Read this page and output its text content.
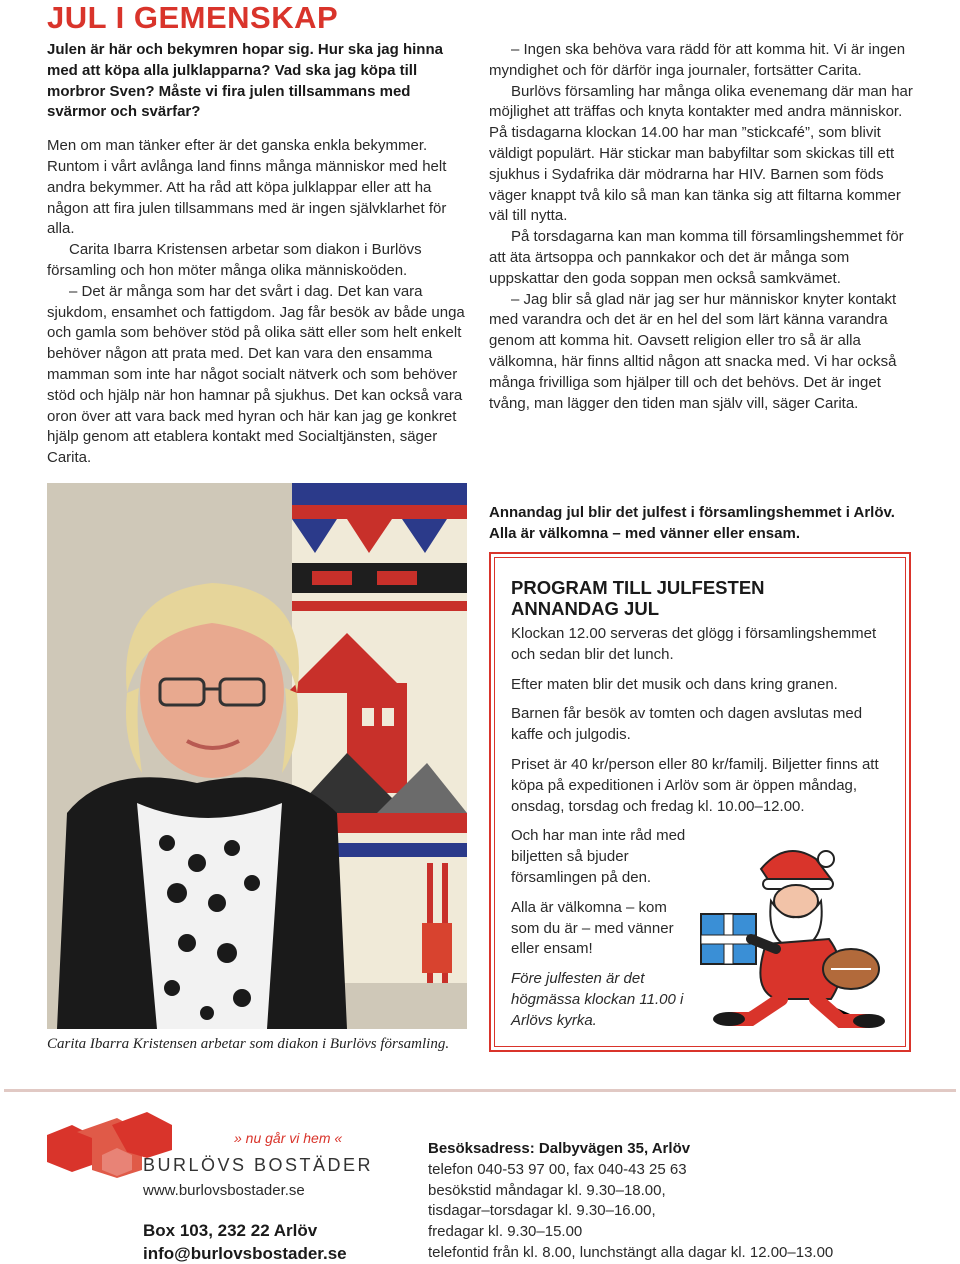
JUL I GEMENSKAP

Julen är här och bekymren hopar sig. Hur ska jag hinna med att köpa alla julklapparna? Vad ska jag köpa till morbror Sven? Måste vi fira julen tillsammans med svärmor och svärfar?

Men om man tänker efter är det ganska enkla bekymmer. Runtom i vårt avlånga land finns många människor med helt andra bekymmer. Att ha råd att köpa julklappar eller att ha någon att fira julen tillsammans med är ingen självklarhet för alla.

Carita Ibarra Kristensen arbetar som diakon i Burlövs församling och hon möter många olika människoöden.

– Det är många som har det svårt i dag. Det kan vara sjukdom, ensamhet och fattigdom. Jag får besök av både unga och gamla som behöver stöd på olika sätt eller som helt enkelt behöver någon att prata med. Det kan vara den ensamma mamman som inte har något socialt nätverk och som behöver stöd och hjälp när hon hamnar på sjukhus. Det kan också vara oron över att vara back med hyran och här kan jag ge konkret hjälp genom att etablera kontakt med Socialtjänsten, säger Carita.

– Ingen ska behöva vara rädd för att komma hit. Vi är ingen myndighet och för därför inga journaler, fortsätter Carita.

Burlövs församling har många olika evenemang där man har möjlighet att träffas och knyta kontakter med andra människor. På tisdagarna klockan 14.00 har man ”stickcafé”, som blivit väldigt populärt. Här stickar man babyfiltar som skickas till ett sjukhus i Sydafrika där mödrarna har HIV. Barnen som föds väger knappt två kilo så man kan tänka sig att filtarna kommer väl till nytta.

På torsdagarna kan man komma till församlingshemmet för att äta ärtsoppa och pannkakor och det är många som uppskattar den goda soppan men också samkvämet.

– Jag blir så glad när jag ser hur människor knyter kontakt med varandra och det är en hel del som lärt känna varandra genom att komma hit. Oavsett religion eller tro så är alla välkomna, här finns alltid någon att snacka med. Vi har också många frivilliga som hjälper till och det behövs. Det är inget tvång, man lägger den tiden man själv vill, säger Carita.

Carita Ibarra Kristensen arbetar som diakon i Burlövs församling.
Annandag jul blir det julfest i församlingshemmet i Arlöv. Alla är välkomna – med vänner eller ensam.
PROGRAM TILL JULFESTEN
ANNANDAG JUL

Klockan 12.00 serveras det glögg i församlingshemmet och sedan blir det lunch.

Efter maten blir det musik och dans kring granen.

Barnen får besök av tomten och dagen avslutas med kaffe och julgodis.

Priset är 40 kr/person eller 80 kr/familj. Biljetter finns att köpa på expeditionen i Arlöv som är öppen måndag, onsdag, torsdag och fredag kl. 10.00–12.00.

Och har man inte råd med biljetten så bjuder församlingen på den.

Alla är välkomna – kom som du är – med vänner eller ensam!

Före julfesten är det högmässa klockan 11.00 i Arlövs kyrka.

» nu går vi hem «
BURLÖVS BOSTÄDER
www.burlovsbostader.se
Box 103, 232 22 Arlöv
info@burlovsbostader.se
Besöksadress: Dalbyvägen 35, Arlöv
telefon 040-53 97 00, fax 040-43 25 63
besökstid måndagar kl. 9.30–18.00,
tisdagar–torsdagar kl. 9.30–16.00,
fredagar kl. 9.30–15.00
telefontid från kl. 8.00, lunchstängt alla dagar kl. 12.00–13.00
